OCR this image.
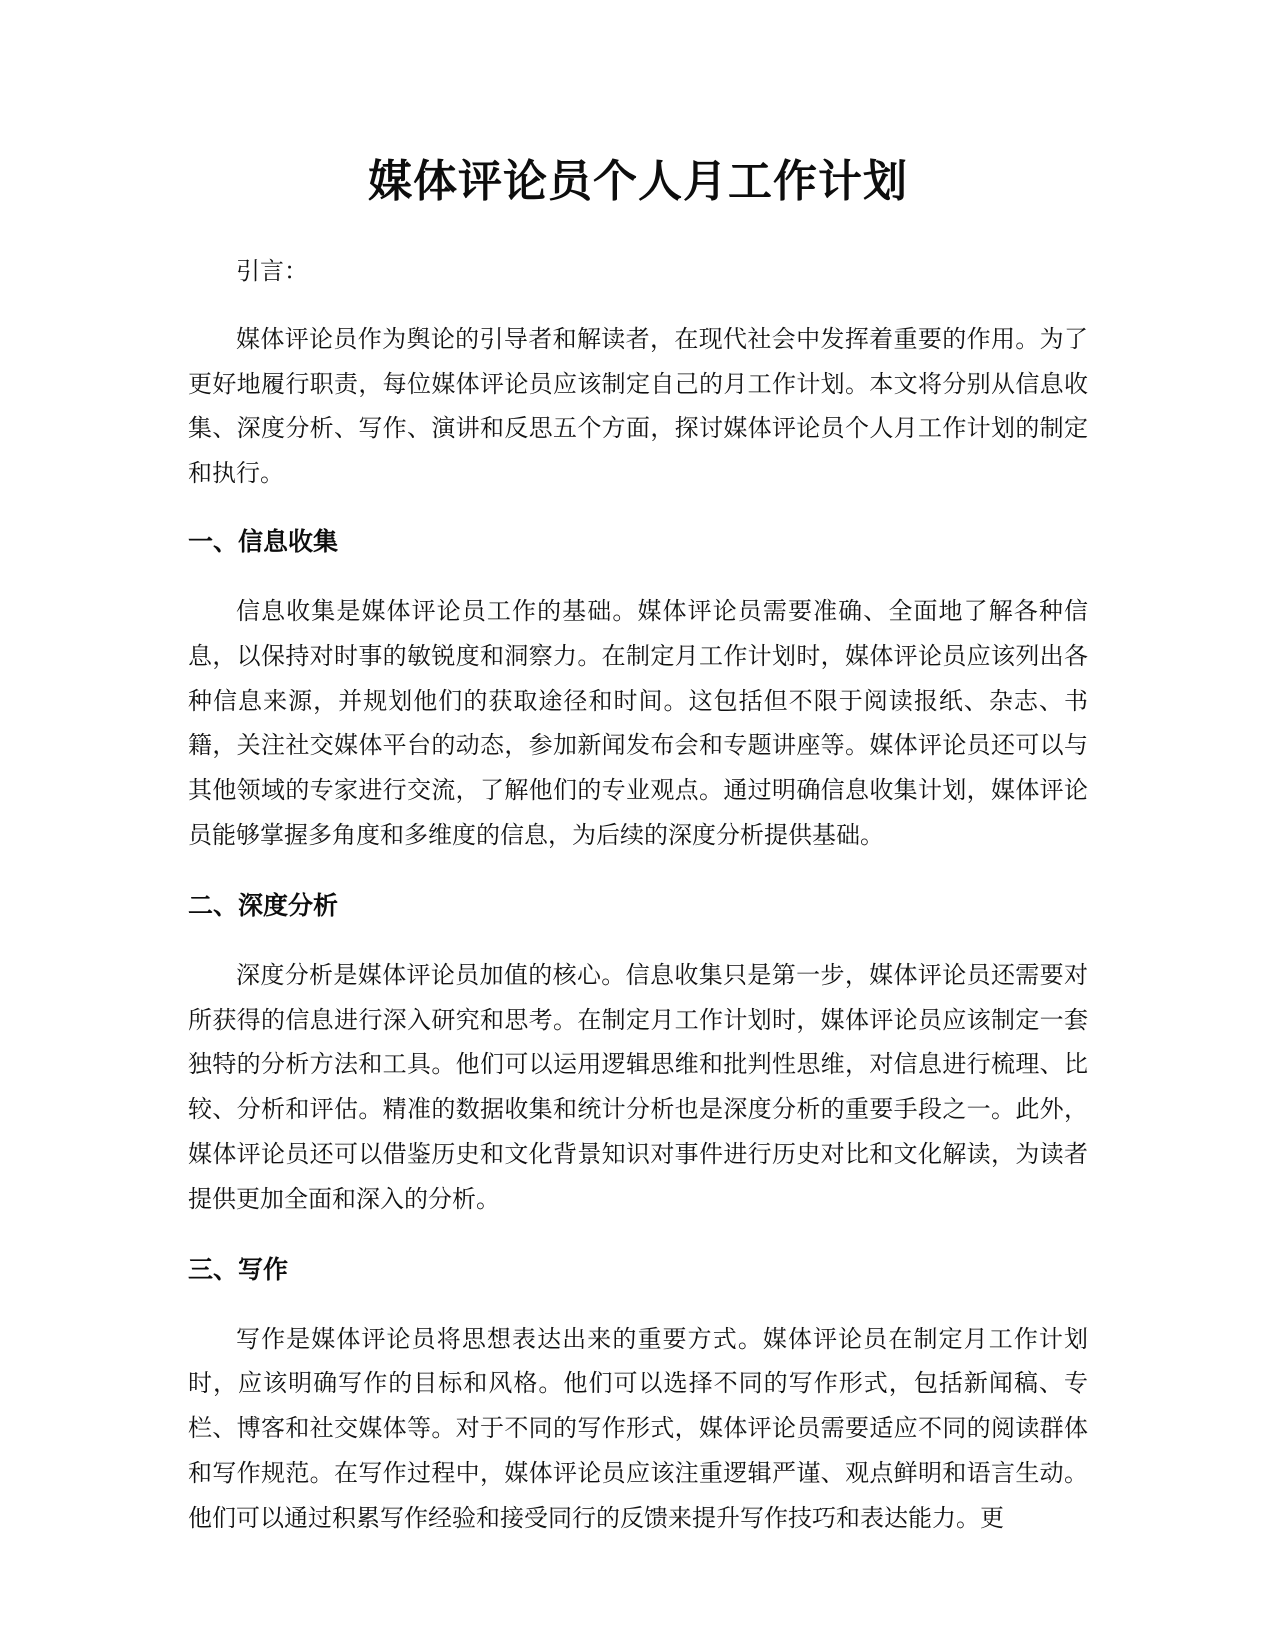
媒体评论员个人月工作计划

引言：

媒体评论员作为舆论的引导者和解读者，在现代社会中发挥着重要的作用。为了更好地履行职责，每位媒体评论员应该制定自己的月工作计划。本文将分别从信息收集、深度分析、写作、演讲和反思五个方面，探讨媒体评论员个人月工作计划的制定和执行。

一、信息收集

信息收集是媒体评论员工作的基础。媒体评论员需要准确、全面地了解各种信息，以保持对时事的敏锐度和洞察力。在制定月工作计划时，媒体评论员应该列出各种信息来源，并规划他们的获取途径和时间。这包括但不限于阅读报纸、杂志、书籍，关注社交媒体平台的动态，参加新闻发布会和专题讲座等。媒体评论员还可以与其他领域的专家进行交流，了解他们的专业观点。通过明确信息收集计划，媒体评论员能够掌握多角度和多维度的信息，为后续的深度分析提供基础。

二、深度分析

深度分析是媒体评论员加值的核心。信息收集只是第一步，媒体评论员还需要对所获得的信息进行深入研究和思考。在制定月工作计划时，媒体评论员应该制定一套独特的分析方法和工具。他们可以运用逻辑思维和批判性思维，对信息进行梳理、比较、分析和评估。精准的数据收集和统计分析也是深度分析的重要手段之一。此外，媒体评论员还可以借鉴历史和文化背景知识对事件进行历史对比和文化解读，为读者提供更加全面和深入的分析。

三、写作

写作是媒体评论员将思想表达出来的重要方式。媒体评论员在制定月工作计划时，应该明确写作的目标和风格。他们可以选择不同的写作形式，包括新闻稿、专栏、博客和社交媒体等。对于不同的写作形式，媒体评论员需要适应不同的阅读群体和写作规范。在写作过程中，媒体评论员应该注重逻辑严谨、观点鲜明和语言生动。他们可以通过积累写作经验和接受同行的反馈来提升写作技巧和表达能力。更
